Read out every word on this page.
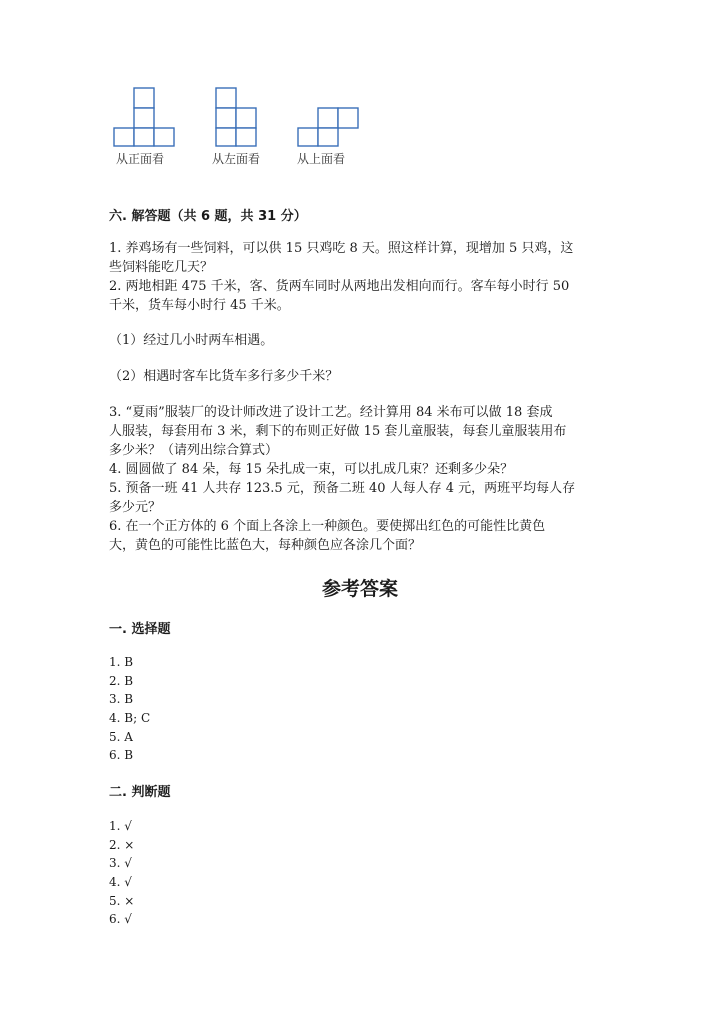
从正面看	从左面看	从上面看
六. 解答题（共 6 题，共 31 分）
1. 养鸡场有一些饲料，可以供 15 只鸡吃 8 天。照这样计算，现增加 5 只鸡，这
些饲料能吃几天？
2. 两地相距 475 千米，客、货两车同时从两地出发相向而行。客车每小时行 50
千米，货车每小时行 45 千米。
（1）经过几小时两车相遇。
（2）相遇时客车比货车多行多少千米？
3. “夏雨”服装厂的设计师改进了设计工艺。经计算用 84 米布可以做 18 套成
人服装，每套用布 3 米，剩下的布则正好做 15 套儿童服装，每套儿童服装用布
多少米？（请列出综合算式）
4. 圆圆做了 84 朵，每 15 朵扎成一束，可以扎成几束？还剩多少朵？
5. 预备一班 41 人共存 123.5 元，预备二班 40 人每人存 4 元，两班平均每人存
多少元？
6. 在一个正方体的 6 个面上各涂上一种颜色。要使掷出红色的可能性比黄色
大，黄色的可能性比蓝色大，每种颜色应各涂几个面？
参考答案
一. 选择题
1. B
2. B
3. B
4. B; C
5. A
6. B
二. 判断题
1. √
2. ×
3. √
4. √
5. ×
6. √
